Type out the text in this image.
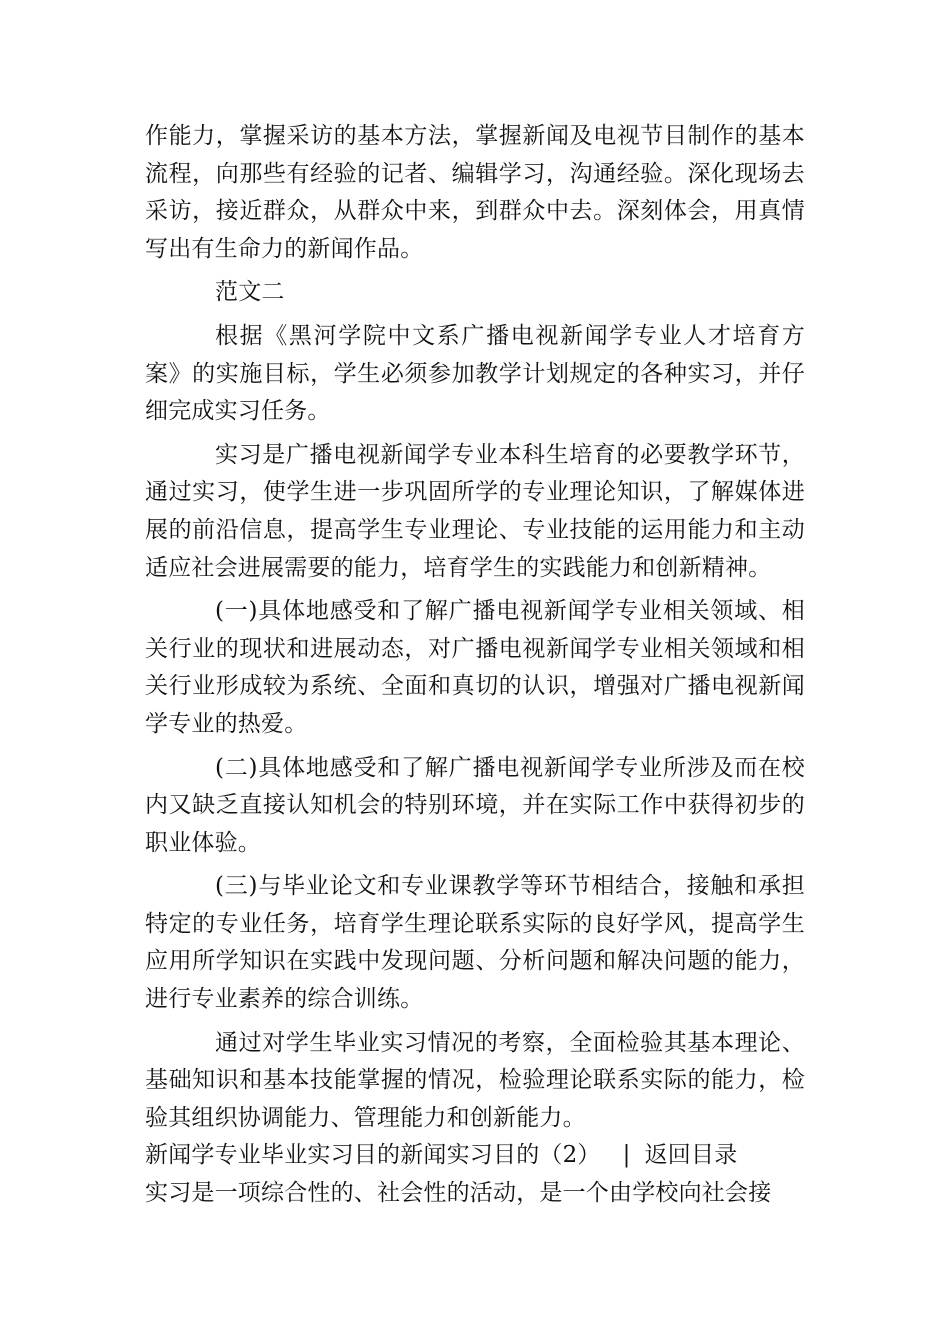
作能力，掌握采访的基本方法，掌握新闻及电视节目制作的基本流程，向那些有经验的记者、编辑学习，沟通经验。深化现场去采访，接近群众，从群众中来，到群众中去。深刻体会，用真情写出有生命力的新闻作品。

范文二

根据《黑河学院中文系广播电视新闻学专业人才培育方案》的实施目标，学生必须参加教学计划规定的各种实习，并仔细完成实习任务。

实习是广播电视新闻学专业本科生培育的必要教学环节，通过实习，使学生进一步巩固所学的专业理论知识，了解媒体进展的前沿信息，提高学生专业理论、专业技能的运用能力和主动适应社会进展需要的能力，培育学生的实践能力和创新精神。

(一)具体地感受和了解广播电视新闻学专业相关领域、相关行业的现状和进展动态，对广播电视新闻学专业相关领域和相关行业形成较为系统、全面和真切的认识，增强对广播电视新闻学专业的热爱。

(二)具体地感受和了解广播电视新闻学专业所涉及而在校内又缺乏直接认知机会的特别环境，并在实际工作中获得初步的职业体验。

(三)与毕业论文和专业课教学等环节相结合，接触和承担特定的专业任务，培育学生理论联系实际的良好学风，提高学生应用所学知识在实践中发现问题、分析问题和解决问题的能力，进行专业素养的综合训练。

通过对学生毕业实习情况的考察，全面检验其基本理论、基础知识和基本技能掌握的情况，检验理论联系实际的能力，检验其组织协调能力、管理能力和创新能力。

新闻学专业毕业实习目的新闻实习目的（2） | 返回目录

实习是一项综合性的、社会性的活动，是一个由学校向社会接
